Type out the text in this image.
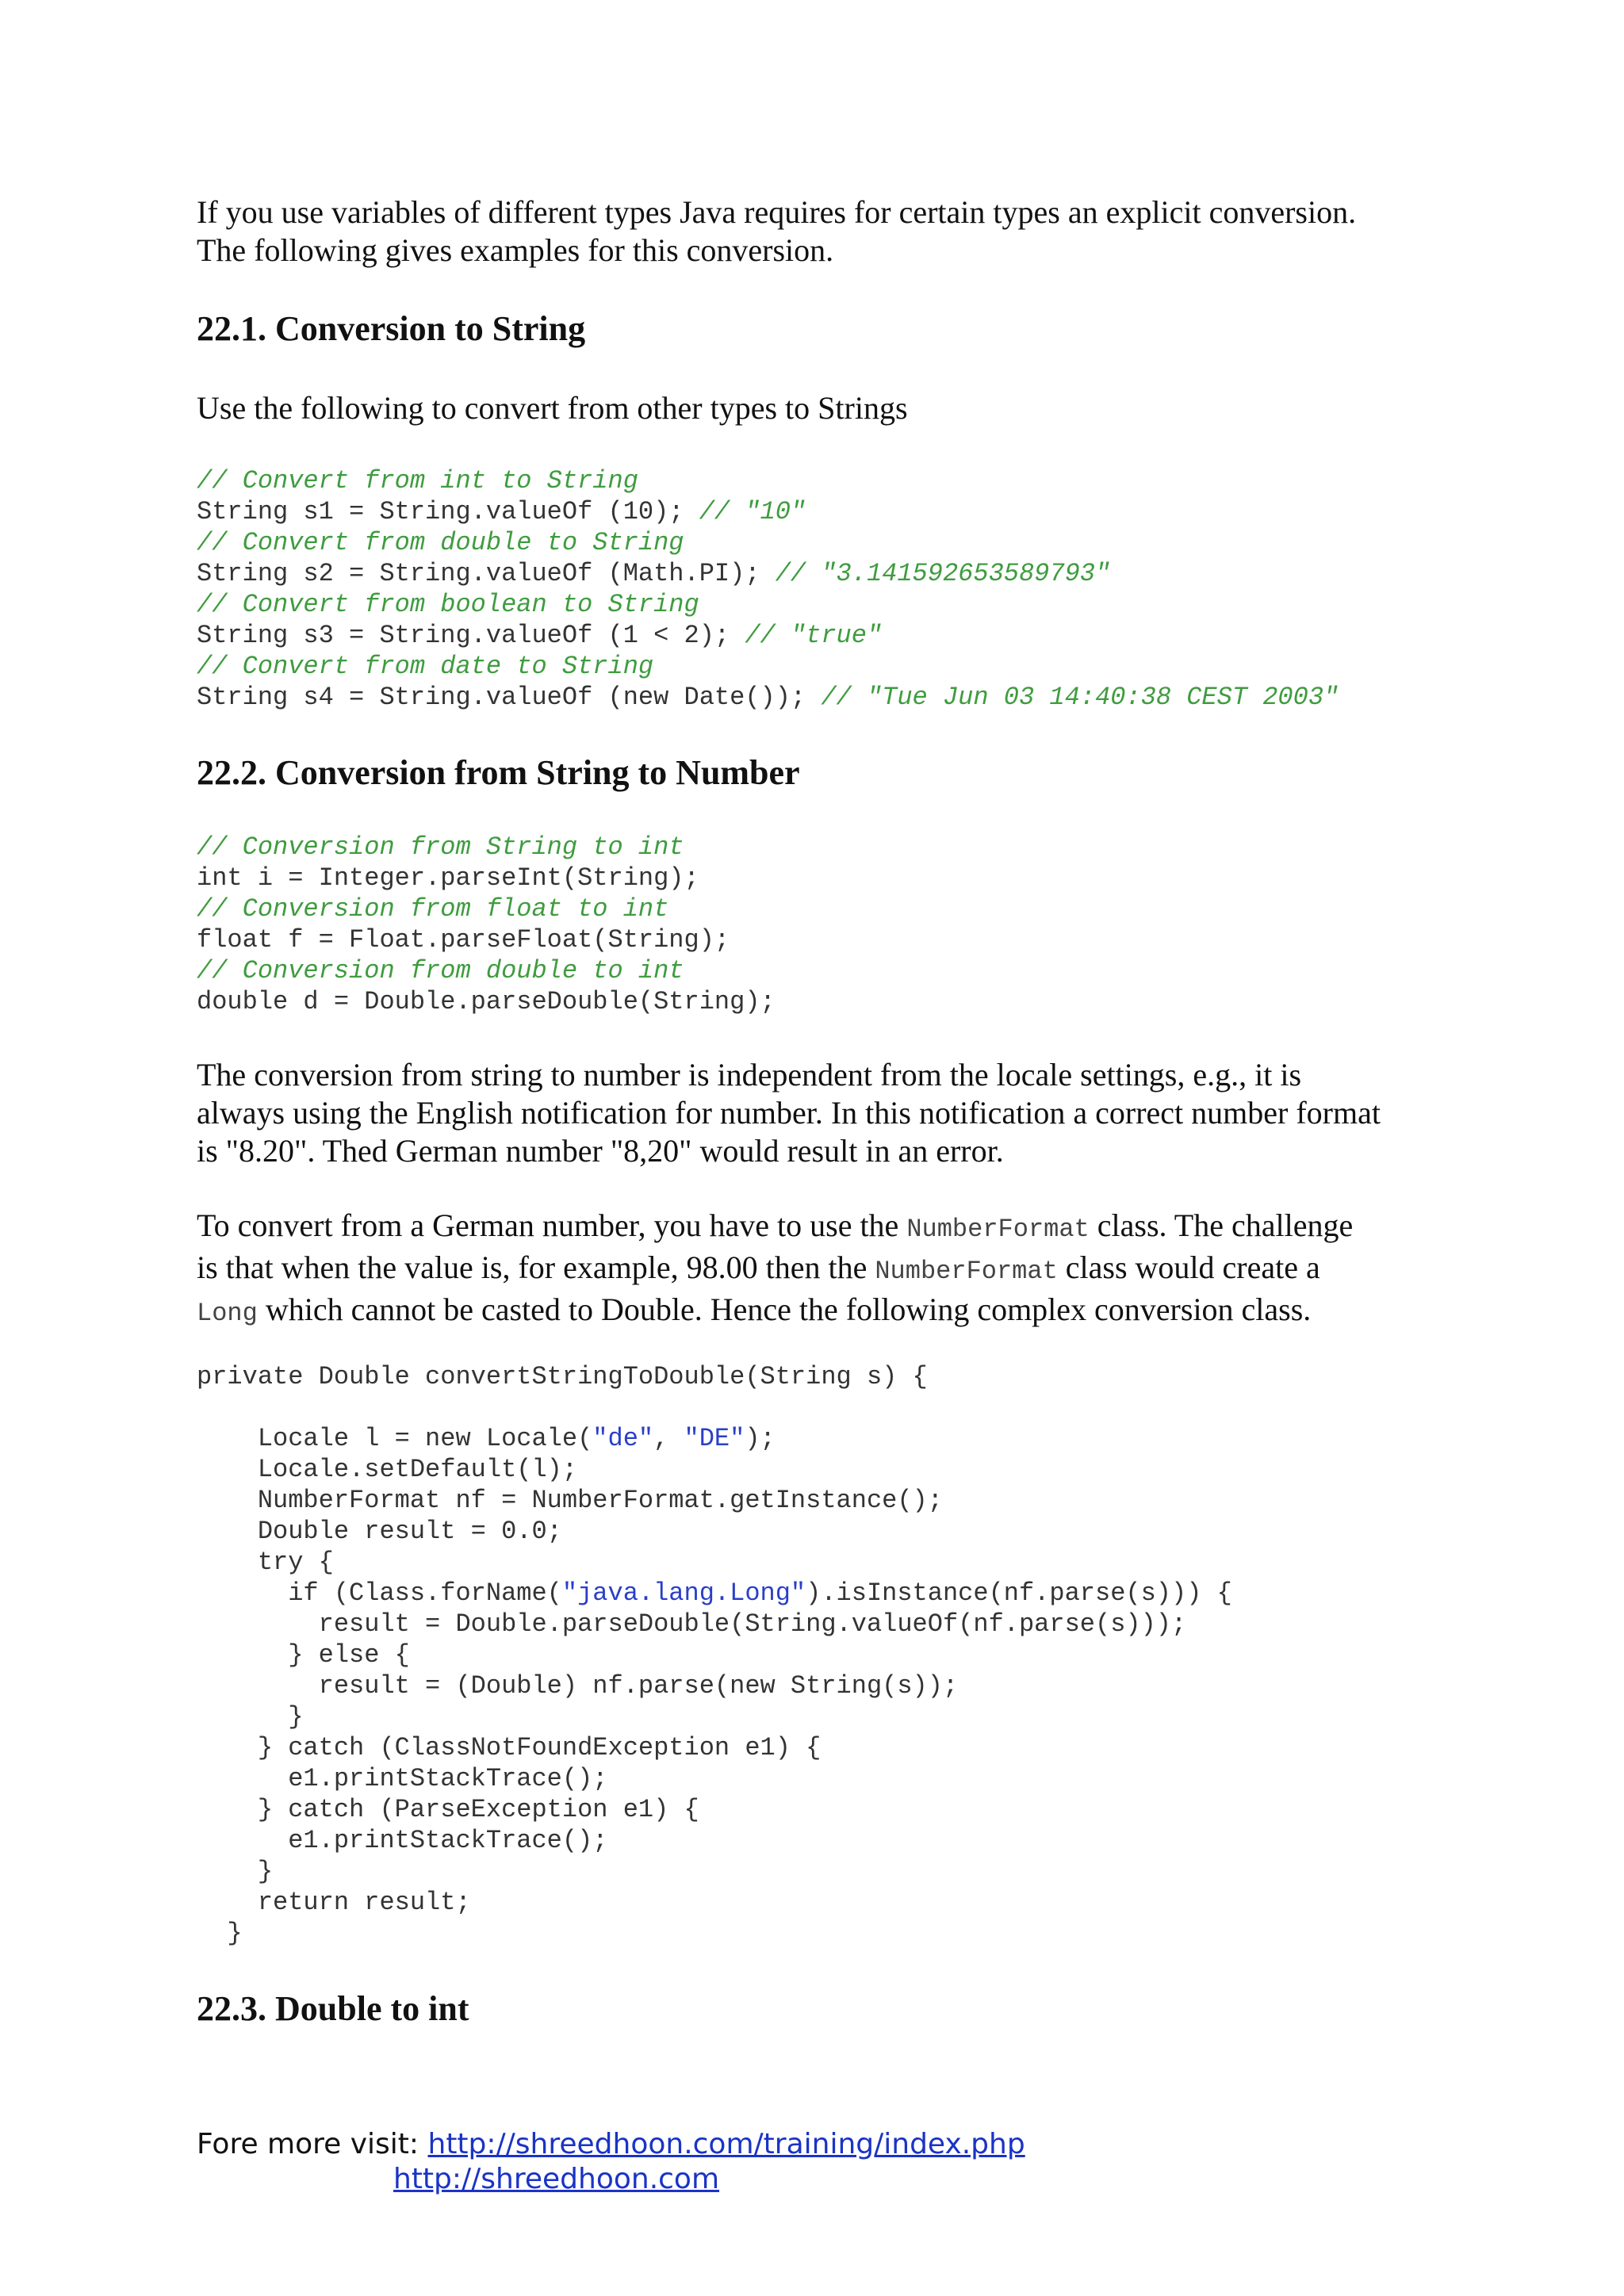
If you use variables of different types Java requires for certain types an explicit conversion.
The following gives examples for this conversion.

22.1. Conversion to String

Use the following to convert from other types to Strings

// Convert from int to String
String s1 = String.valueOf (10); // "10"
// Convert from double to String
String s2 = String.valueOf (Math.PI); // "3.141592653589793"
// Convert from boolean to String
String s3 = String.valueOf (1 < 2); // "true"
// Convert from date to String
String s4 = String.valueOf (new Date()); // "Tue Jun 03 14:40:38 CEST 2003"
22.2. Conversion from String to Number
// Conversion from String to int
int i = Integer.parseInt(String);
// Conversion from float to int
float f = Float.parseFloat(String);
// Conversion from double to int
double d = Double.parseDouble(String);

The conversion from string to number is independent from the locale settings, e.g., it is
always using the English notification for number. In this notification a correct number format
is "8.20". Thed German number "8,20" would result in an error.

To convert from a German number, you have to use the NumberFormat class. The challenge
is that when the value is, for example, 98.00 then the NumberFormat class would create a
Long which cannot be casted to Double. Hence the following complex conversion class.

private Double convertStringToDouble(String s) {
Locale l = new Locale("de", "DE");
Locale.setDefault(l);
NumberFormat nf = NumberFormat.getInstance();
Double result = 0.0;
try {
if (Class.forName("java.lang.Long").isInstance(nf.parse(s))) {
result = Double.parseDouble(String.valueOf(nf.parse(s)));
} else {
result = (Double) nf.parse(new String(s));
}
} catch (ClassNotFoundException e1) {
e1.printStackTrace();
} catch (ParseException e1) {
e1.printStackTrace();
}
return result;
}
22.3. Double to int
Fore more visit: http://shreedhoon.com/training/index.php
http://shreedhoon.com
